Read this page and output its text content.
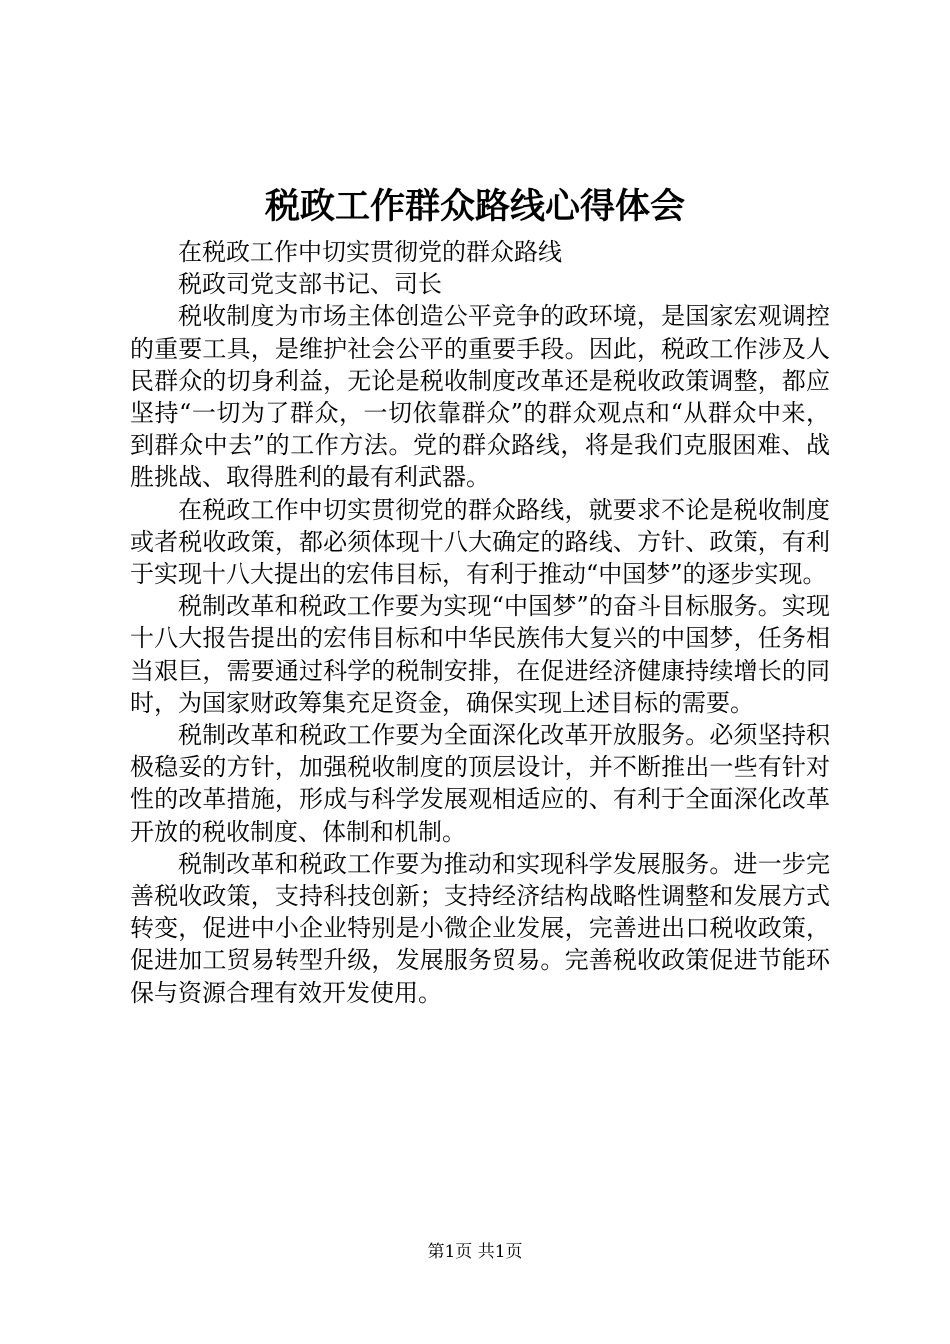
税政工作群众路线心得体会

在税政工作中切实贯彻党的群众路线

税政司党支部书记、司长

税收制度为市场主体创造公平竞争的政环境，是国家宏观调控的重要工具，是维护社会公平的重要手段。因此，税政工作涉及人民群众的切身利益，无论是税收制度改革还是税收政策调整，都应坚持“一切为了群众，一切依靠群众”的群众观点和“从群众中来，到群众中去”的工作方法。党的群众路线，将是我们克服困难、战胜挑战、取得胜利的最有利武器。

在税政工作中切实贯彻党的群众路线，就要求不论是税收制度或者税收政策，都必须体现十八大确定的路线、方针、政策，有利于实现十八大提出的宏伟目标，有利于推动“中国梦”的逐步实现。

税制改革和税政工作要为实现“中国梦”的奋斗目标服务。实现十八大报告提出的宏伟目标和中华民族伟大复兴的中国梦，任务相当艰巨，需要通过科学的税制安排，在促进经济健康持续增长的同时，为国家财政筹集充足资金，确保实现上述目标的需要。

税制改革和税政工作要为全面深化改革开放服务。必须坚持积极稳妥的方针，加强税收制度的顶层设计，并不断推出一些有针对性的改革措施，形成与科学发展观相适应的、有利于全面深化改革开放的税收制度、体制和机制。

税制改革和税政工作要为推动和实现科学发展服务。进一步完善税收政策，支持科技创新；支持经济结构战略性调整和发展方式转变，促进中小企业特别是小微企业发展，完善进出口税收政策，促进加工贸易转型升级，发展服务贸易。完善税收政策促进节能环保与资源合理有效开发使用。

第1页 共1页
